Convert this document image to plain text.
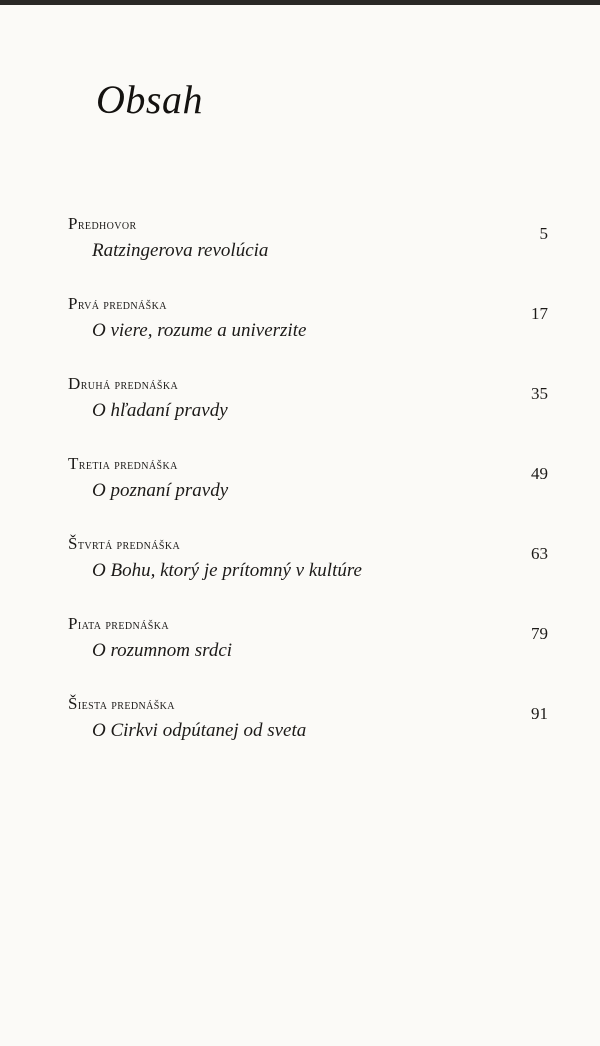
Obsah
Predhovor
Ratzingerova revolúcia
5
Prvá prednáška
O viere, rozume a univerzite
17
Druhá prednáška
O hľadaní pravdy
35
Tretia prednáška
O poznaní pravdy
49
Štvrtá prednáška
O Bohu, ktorý je prítomný v kultúre
63
Piata prednáška
O rozumnom srdci
79
Šiesta prednáška
O Cirkvi odpútanej od sveta
91
